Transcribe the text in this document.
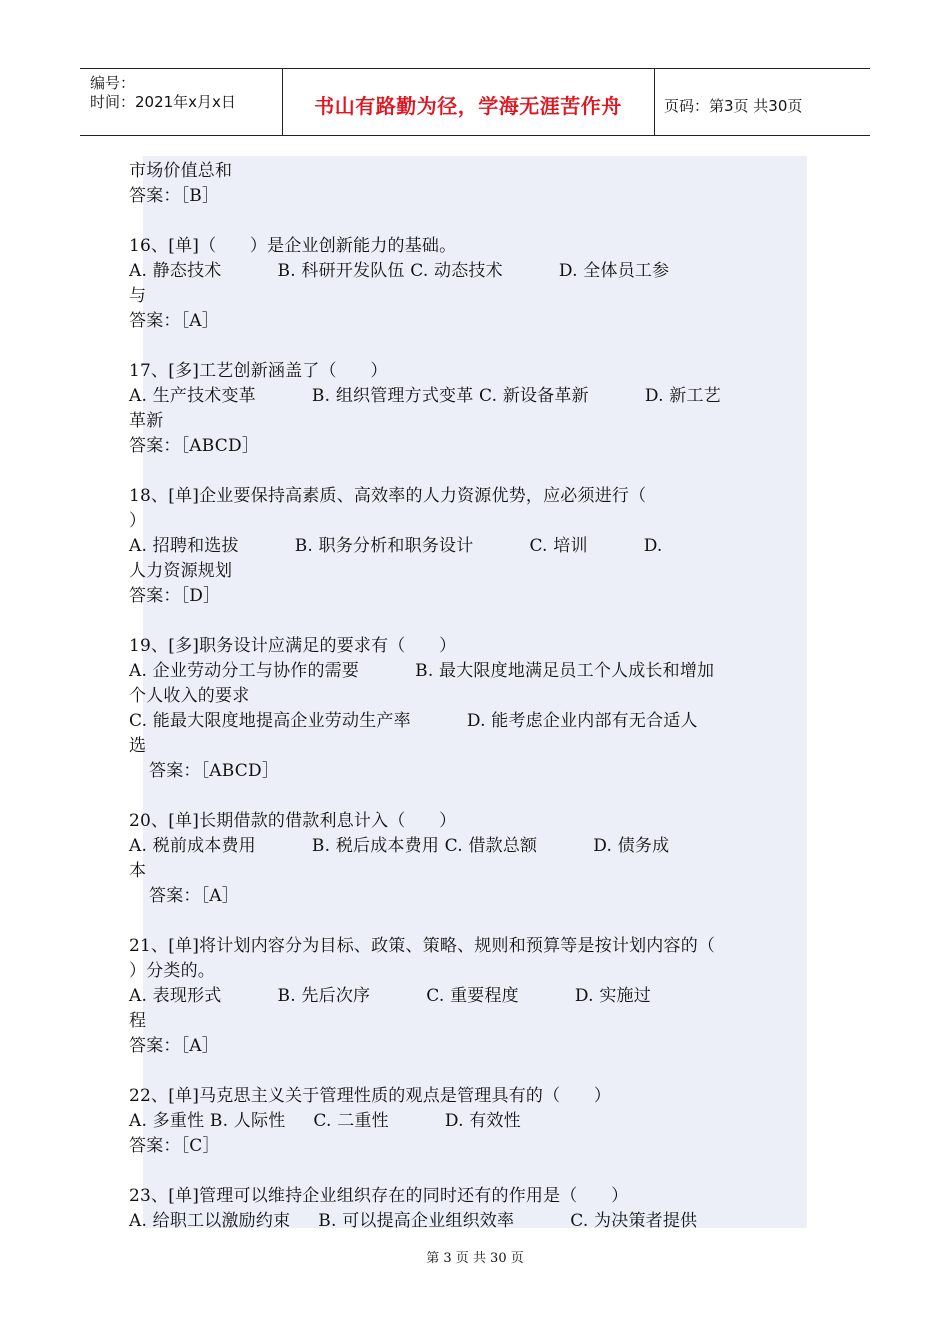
编号：
时间：2021年x月x日	书山有路勤为径，学海无涯苦作舟	页码：第3页 共30页
市场价值总和
答案：［B］
16、[单]（      ）是企业创新能力的基础。
A. 静态技术          B. 科研开发队伍 C. 动态技术          D. 全体员工参
与
答案：［A］
17、[多]工艺创新涵盖了（      ）
A. 生产技术变革          B. 组织管理方式变革 C. 新设备革新          D. 新工艺
革新
答案：［ABCD］
18、[单]企业要保持高素质、高效率的人力资源优势，应必须进行（
）
A. 招聘和选拔          B. 职务分析和职务设计          C. 培训          D.
人力资源规划
答案：［D］
19、[多]职务设计应满足的要求有（      ）
A. 企业劳动分工与协作的需要          B. 最大限度地满足员工个人成长和增加
个人收入的要求
C. 能最大限度地提高企业劳动生产率          D. 能考虑企业内部有无合适人
选
答案：［ABCD］
20、[单]长期借款的借款利息计入（      ）
A. 税前成本费用          B. 税后成本费用 C. 借款总额          D. 债务成
本
答案：［A］
21、[单]将计划内容分为目标、政策、策略、规则和预算等是按计划内容的（
）分类的。
A. 表现形式          B. 先后次序          C. 重要程度          D. 实施过
程
答案：［A］
22、[单]马克思主义关于管理性质的观点是管理具有的（      ）
A. 多重性 B. 人际性     C. 二重性          D. 有效性
答案：［C］
23、[单]管理可以维持企业组织存在的同时还有的作用是（      ）
A. 给职工以激励约束     B. 可以提高企业组织效率          C. 为决策者提供
第 3 页 共 30 页
